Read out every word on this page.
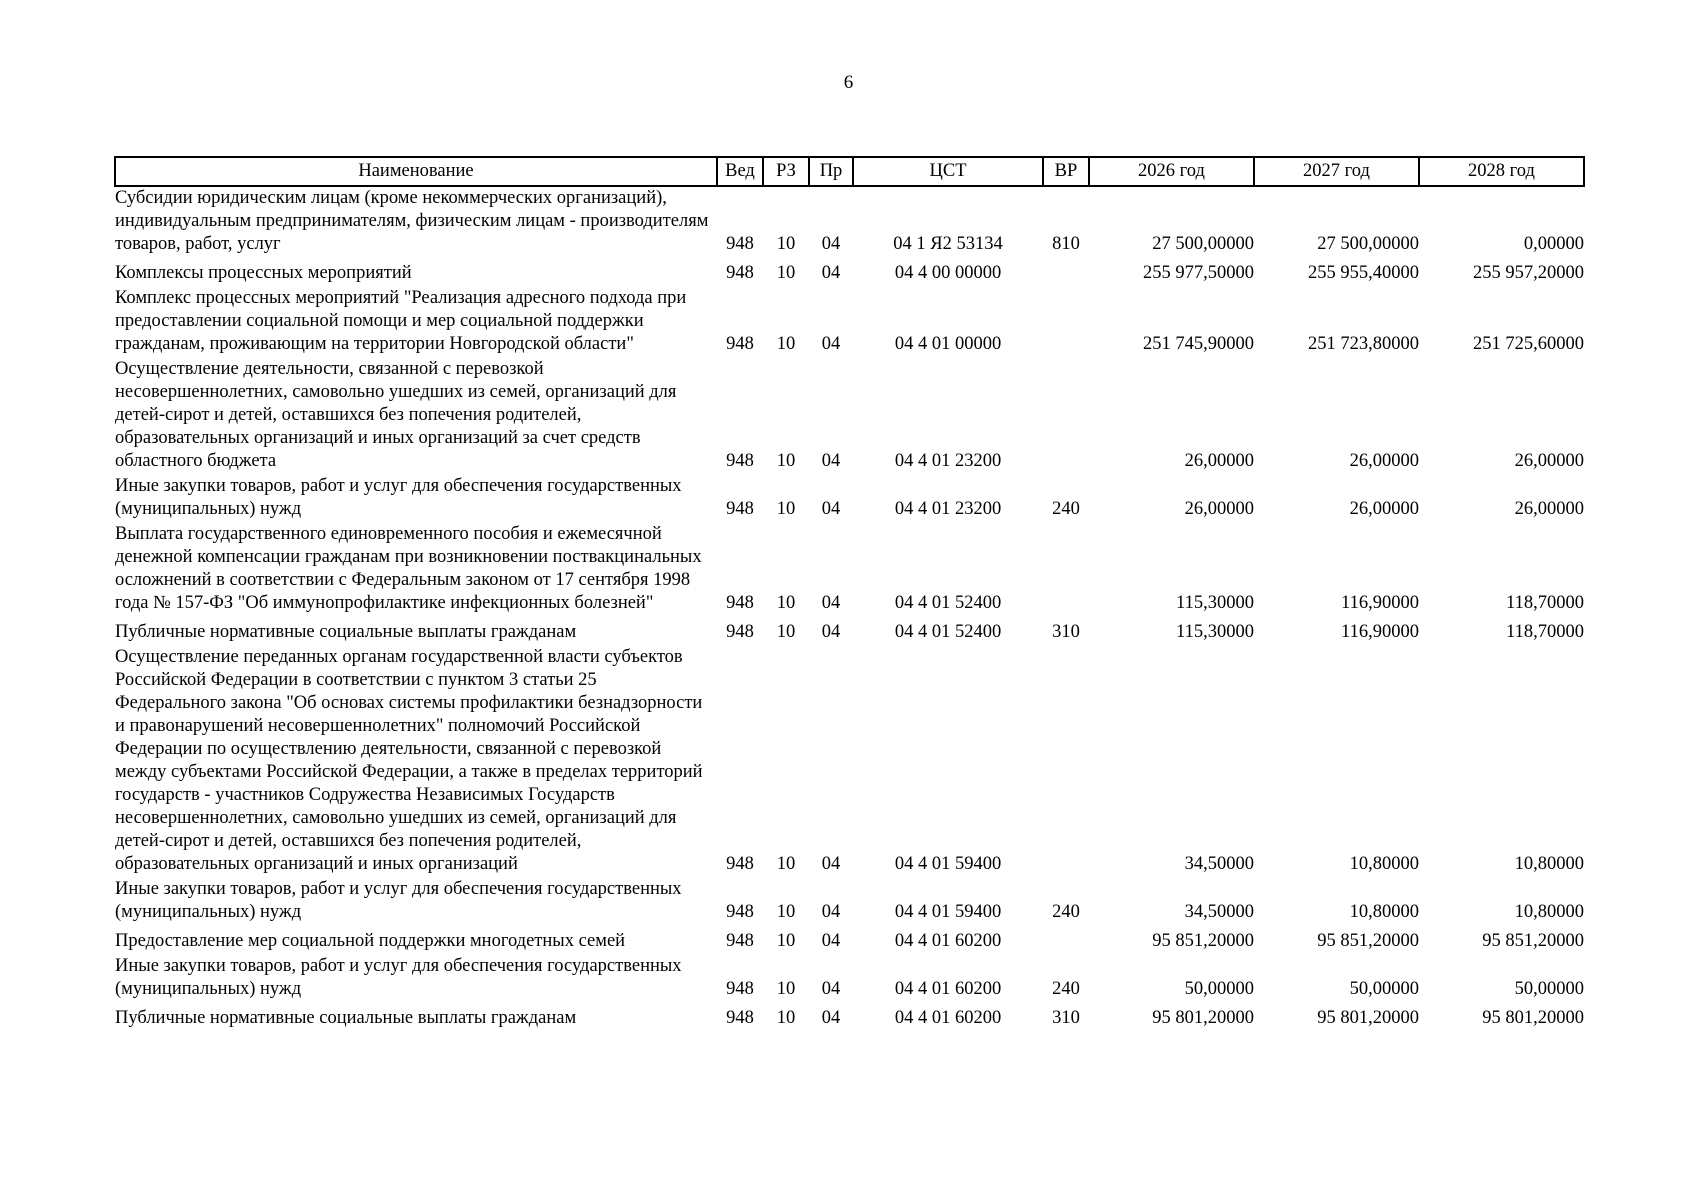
6
Наименование	Вед	РЗ	Пр	ЦСТ	ВР	2026 год	2027 год	2028 год
Субсидии юридическим лицам (кроме некоммерческих организаций), индивидуальным предпринимателям, физическим лицам - производителям товаров, работ, услуг	948	10	04	04 1 Я2 53134	810	27 500,00000	27 500,00000	0,00000
Комплексы процессных мероприятий	948	10	04	04 4 00 00000		255 977,50000	255 955,40000	255 957,20000
Комплекс процессных мероприятий "Реализация адресного подхода при предоставлении социальной помощи и мер социальной поддержки гражданам, проживающим на территории Новгородской области"	948	10	04	04 4 01 00000		251 745,90000	251 723,80000	251 725,60000
Осуществление деятельности, связанной с перевозкой несовершеннолетних, самовольно ушедших из семей, организаций для детей-сирот и детей, оставшихся без попечения родителей, образовательных организаций и иных организаций за счет средств областного бюджета	948	10	04	04 4 01 23200		26,00000	26,00000	26,00000
Иные закупки товаров, работ и услуг для обеспечения государственных (муниципальных) нужд	948	10	04	04 4 01 23200	240	26,00000	26,00000	26,00000
Выплата государственного единовременного пособия и ежемесячной денежной компенсации гражданам при возникновении поствакцинальных осложнений в соответствии с Федеральным законом от 17 сентября 1998 года № 157-ФЗ "Об иммунопрофилактике инфекционных болезней"	948	10	04	04 4 01 52400		115,30000	116,90000	118,70000
Публичные нормативные социальные выплаты гражданам	948	10	04	04 4 01 52400	310	115,30000	116,90000	118,70000
Осуществление переданных органам государственной власти субъектов Российской Федерации в соответствии с пунктом 3 статьи 25 Федерального закона "Об основах системы профилактики безнадзорности и правонарушений несовершеннолетних" полномочий Российской Федерации по осуществлению деятельности, связанной с перевозкой между субъектами Российской Федерации, а также в пределах территорий государств - участников Содружества Независимых Государств несовершеннолетних, самовольно ушедших из семей, организаций для детей-сирот и детей, оставшихся без попечения родителей, образовательных организаций и иных организаций	948	10	04	04 4 01 59400		34,50000	10,80000	10,80000
Иные закупки товаров, работ и услуг для обеспечения государственных (муниципальных) нужд	948	10	04	04 4 01 59400	240	34,50000	10,80000	10,80000
Предоставление мер социальной поддержки многодетных семей	948	10	04	04 4 01 60200		95 851,20000	95 851,20000	95 851,20000
Иные закупки товаров, работ и услуг для обеспечения государственных (муниципальных) нужд	948	10	04	04 4 01 60200	240	50,00000	50,00000	50,00000
Публичные нормативные социальные выплаты гражданам	948	10	04	04 4 01 60200	310	95 801,20000	95 801,20000	95 801,20000
